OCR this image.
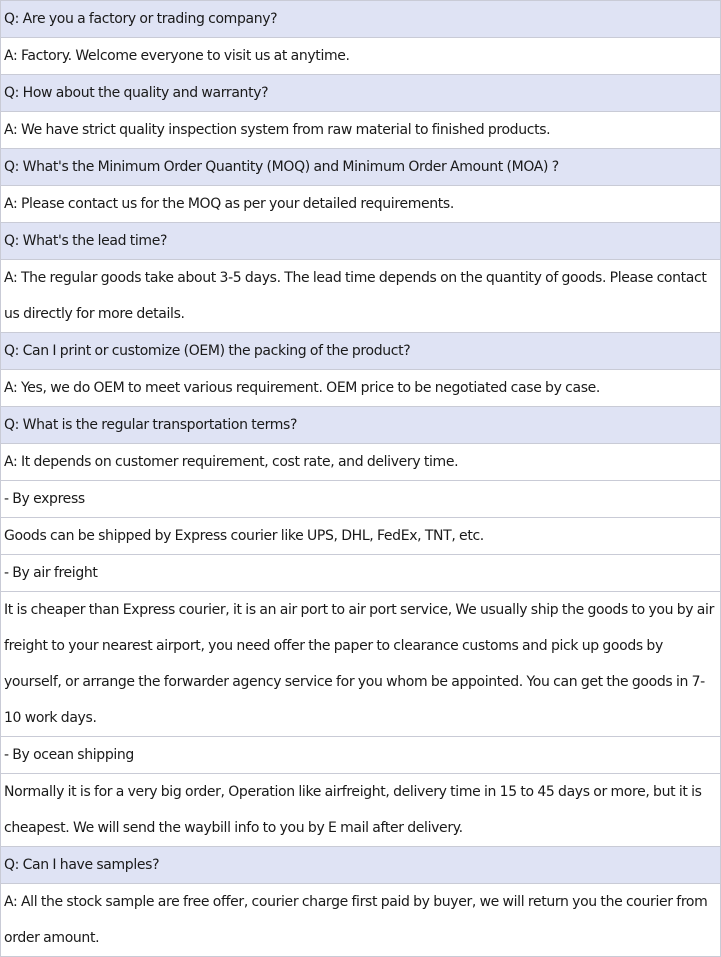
Q: Are you a factory or trading company?
A: Factory. Welcome everyone to visit us at anytime.
Q: How about the quality and warranty?
A: We have strict quality inspection system from raw material to finished products.
Q: What's the Minimum Order Quantity (MOQ) and Minimum Order Amount (MOA) ?
A: Please contact us for the MOQ as per your detailed requirements.
Q: What's the lead time?
A: The regular goods take about 3-5 days. The lead time depends on the quantity of goods. Please contact us directly for more details.
Q: Can I print or customize (OEM) the packing of the product?
A: Yes, we do OEM to meet various requirement. OEM price to be negotiated case by case.
Q: What is the regular transportation terms?
A: It depends on customer requirement, cost rate, and delivery time.
- By express
Goods can be shipped by Express courier like UPS, DHL, FedEx, TNT, etc.
- By air freight
It is cheaper than Express courier, it is an air port to air port service, We usually ship the goods to you by air freight to your nearest airport, you need offer the paper to clearance customs and pick up goods by yourself, or arrange the forwarder agency service for you whom be appointed. You can get the goods in 7-10 work days.
- By ocean shipping
Normally it is for a very big order, Operation like airfreight, delivery time in 15 to 45 days or more, but it is cheapest. We will send the waybill info to you by E mail after delivery.
Q: Can I have samples?
A: All the stock sample are free offer, courier charge first paid by buyer, we will return you the courier from order amount.
